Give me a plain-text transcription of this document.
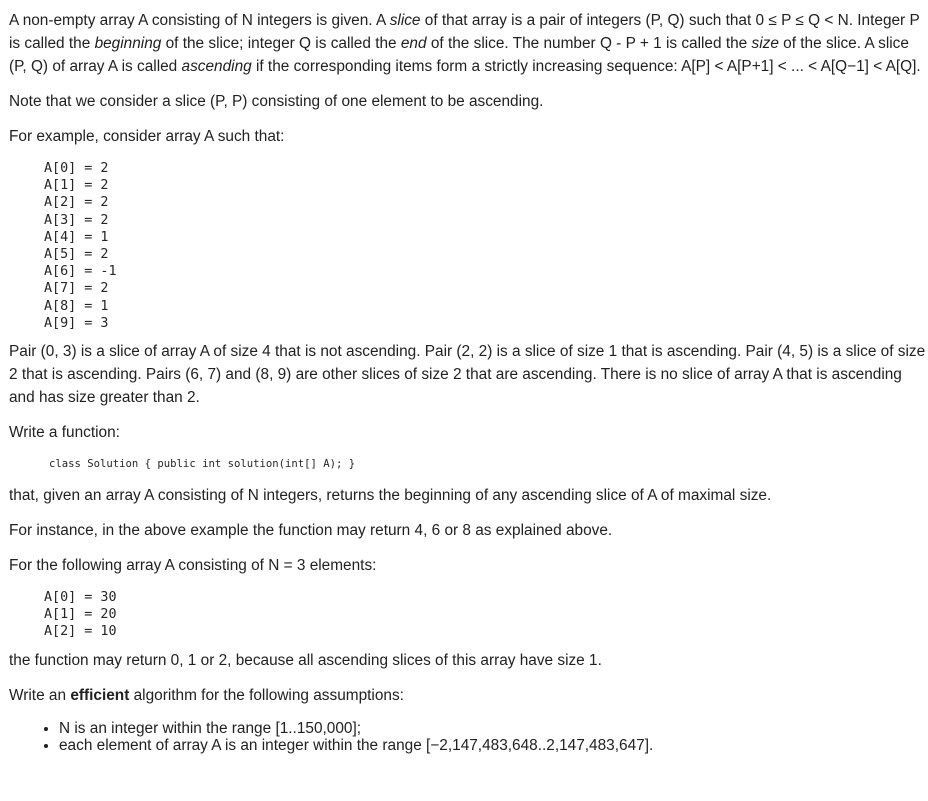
A non-empty array A consisting of N integers is given. A slice of that array is a pair of integers (P, Q) such that 0 ≤ P ≤ Q < N. Integer P is called the beginning of the slice; integer Q is called the end of the slice. The number Q - P + 1 is called the size of the slice. A slice (P, Q) of array A is called ascending if the corresponding items form a strictly increasing sequence: A[P] < A[P+1] < ... < A[Q−1] < A[Q].

Note that we consider a slice (P, P) consisting of one element to be ascending.

For example, consider array A such that:

A[0] = 2
A[1] = 2
A[2] = 2
A[3] = 2
A[4] = 1
A[5] = 2
A[6] = -1
A[7] = 2
A[8] = 1
A[9] = 3

Pair (0, 3) is a slice of array A of size 4 that is not ascending. Pair (2, 2) is a slice of size 1 that is ascending. Pair (4, 5) is a slice of size 2 that is ascending. Pairs (6, 7) and (8, 9) are other slices of size 2 that are ascending. There is no slice of array A that is ascending and has size greater than 2.

Write a function:

class Solution { public int solution(int[] A); }

that, given an array A consisting of N integers, returns the beginning of any ascending slice of A of maximal size.

For instance, in the above example the function may return 4, 6 or 8 as explained above.

For the following array A consisting of N = 3 elements:

A[0] = 30
A[1] = 20
A[2] = 10

the function may return 0, 1 or 2, because all ascending slices of this array have size 1.

Write an efficient algorithm for the following assumptions:

• N is an integer within the range [1..150,000];
• each element of array A is an integer within the range [−2,147,483,648..2,147,483,647].
